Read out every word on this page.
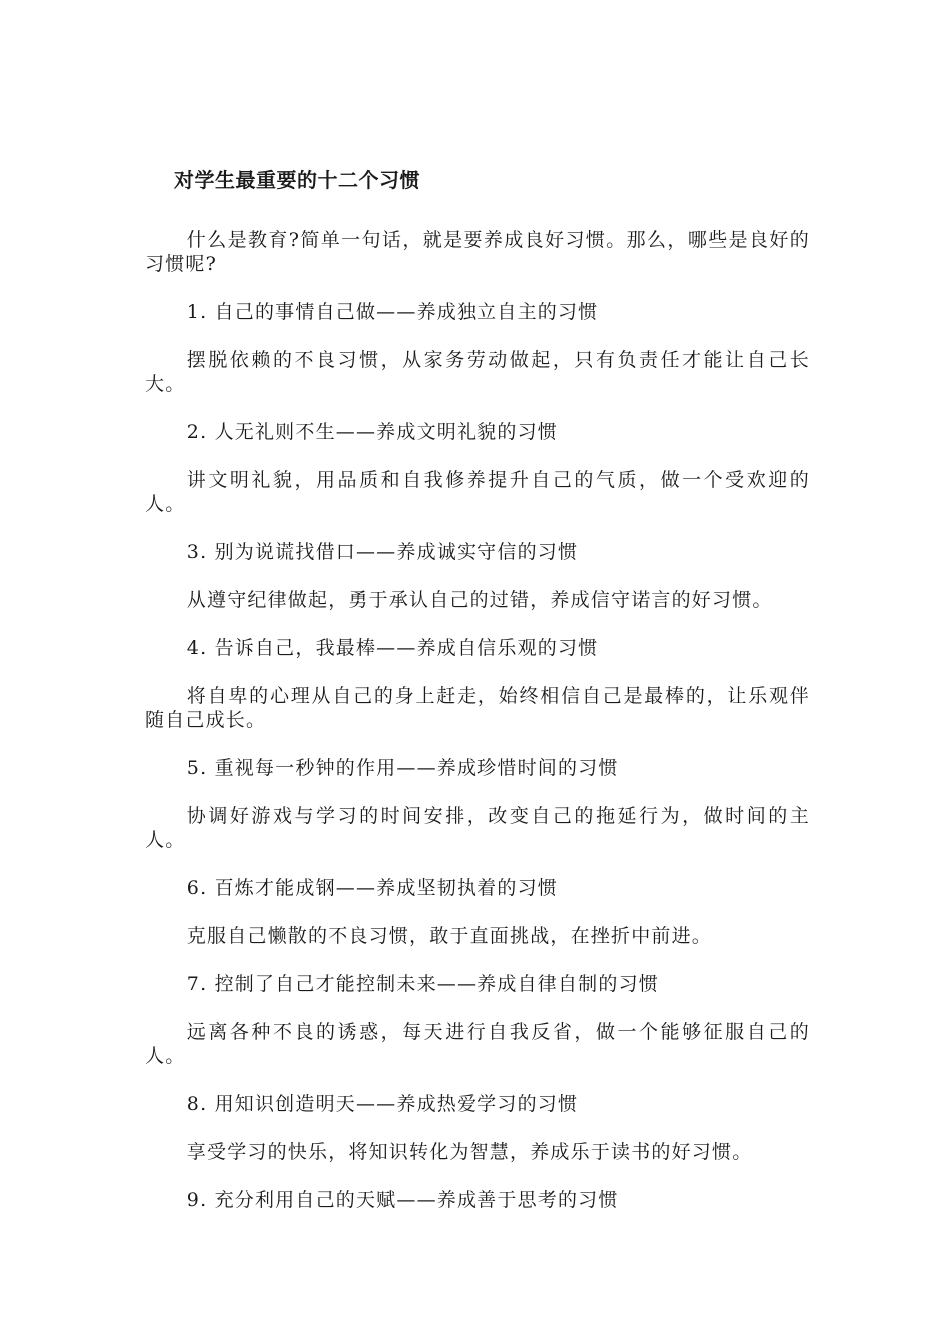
对学生最重要的十二个习惯

什么是教育?简单一句话，就是要养成良好习惯。那么，哪些是良好的习惯呢?

1. 自己的事情自己做——养成独立自主的习惯

摆脱依赖的不良习惯，从家务劳动做起，只有负责任才能让自己长大。

2. 人无礼则不生——养成文明礼貌的习惯

讲文明礼貌，用品质和自我修养提升自己的气质，做一个受欢迎的人。

3. 别为说谎找借口——养成诚实守信的习惯

从遵守纪律做起，勇于承认自己的过错，养成信守诺言的好习惯。

4. 告诉自己，我最棒——养成自信乐观的习惯

将自卑的心理从自己的身上赶走，始终相信自己是最棒的，让乐观伴随自己成长。

5. 重视每一秒钟的作用——养成珍惜时间的习惯

协调好游戏与学习的时间安排，改变自己的拖延行为，做时间的主人。

6. 百炼才能成钢——养成坚韧执着的习惯

克服自己懒散的不良习惯，敢于直面挑战，在挫折中前进。

7. 控制了自己才能控制未来——养成自律自制的习惯

远离各种不良的诱惑，每天进行自我反省，做一个能够征服自己的人。

8. 用知识创造明天——养成热爱学习的习惯

享受学习的快乐，将知识转化为智慧，养成乐于读书的好习惯。

9. 充分利用自己的天赋——养成善于思考的习惯
